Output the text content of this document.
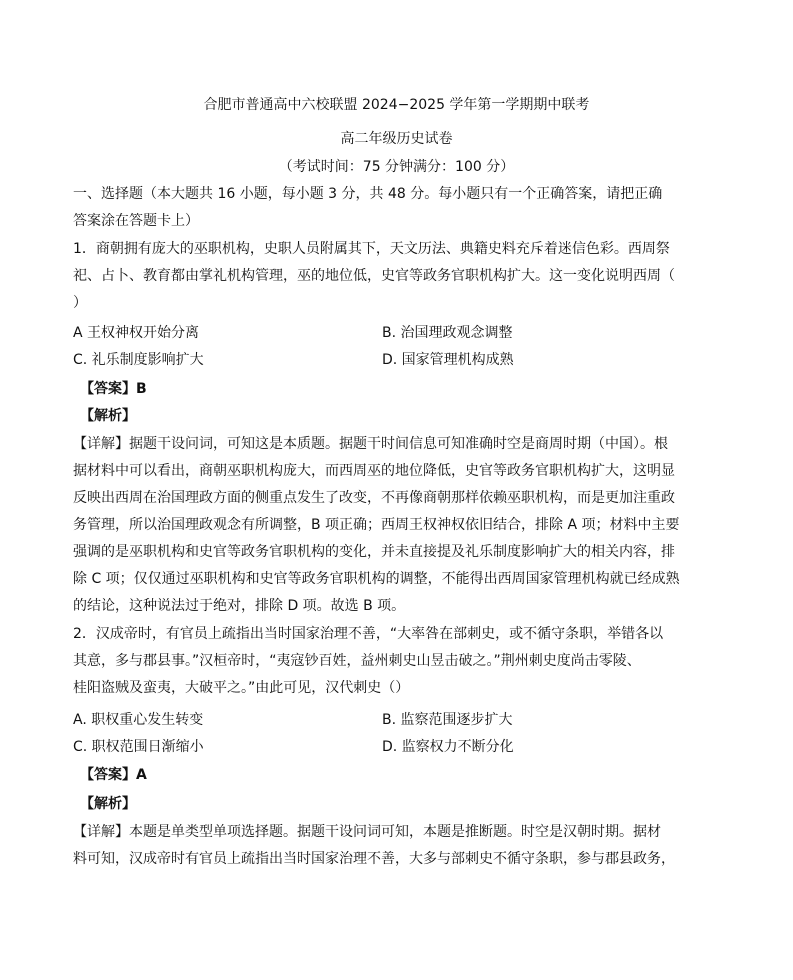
合肥市普通高中六校联盟 2024−2025 学年第一学期期中联考
高二年级历史试卷
（考试时间：75 分钟满分：100 分）
一、选择题（本大题共 16 小题，每小题 3 分，共 48 分。每小题只有一个正确答案，请把正确
答案涂在答题卡上）
1．商朝拥有庞大的巫职机构，史职人员附属其下，天文历法、典籍史料充斥着迷信色彩。西周祭
祀、占卜、教育都由掌礼机构管理，巫的地位低，史官等政务官职机构扩大。这一变化说明西周（
）
A 王权神权开始分离	B. 治国理政观念调整
C. 礼乐制度影响扩大	D. 国家管理机构成熟
【答案】B
【解析】
【详解】据题干设问词，可知这是本质题。据题干时间信息可知准确时空是商周时期（中国）。根
据材料中可以看出，商朝巫职机构庞大，而西周巫的地位降低，史官等政务官职机构扩大，这明显
反映出西周在治国理政方面的侧重点发生了改变，不再像商朝那样依赖巫职机构，而是更加注重政
务管理，所以治国理政观念有所调整，B 项正确；西周王权神权依旧结合，排除 A 项；材料中主要
强调的是巫职机构和史官等政务官职机构的变化，并未直接提及礼乐制度影响扩大的相关内容，排
除 C 项；仅仅通过巫职机构和史官等政务官职机构的调整，不能得出西周国家管理机构就已经成熟
的结论，这种说法过于绝对，排除 D 项。故选 B 项。
2．汉成帝时，有官员上疏指出当时国家治理不善，“大率咎在部刺史，或不循守条职，举错各以
其意，多与郡县事。”汉桓帝时，“夷寇钞百姓，益州刺史山昱击破之。”荆州刺史度尚击零陵、
桂阳盗贼及蛮夷，大破平之。”由此可见，汉代刺史（）
A. 职权重心发生转变	B. 监察范围逐步扩大
C. 职权范围日渐缩小	D. 监察权力不断分化
【答案】A
【解析】
【详解】本题是单类型单项选择题。据题干设问词可知，本题是推断题。时空是汉朝时期。据材
料可知，汉成帝时有官员上疏指出当时国家治理不善，大多与部刺史不循守条职，参与郡县政务，
